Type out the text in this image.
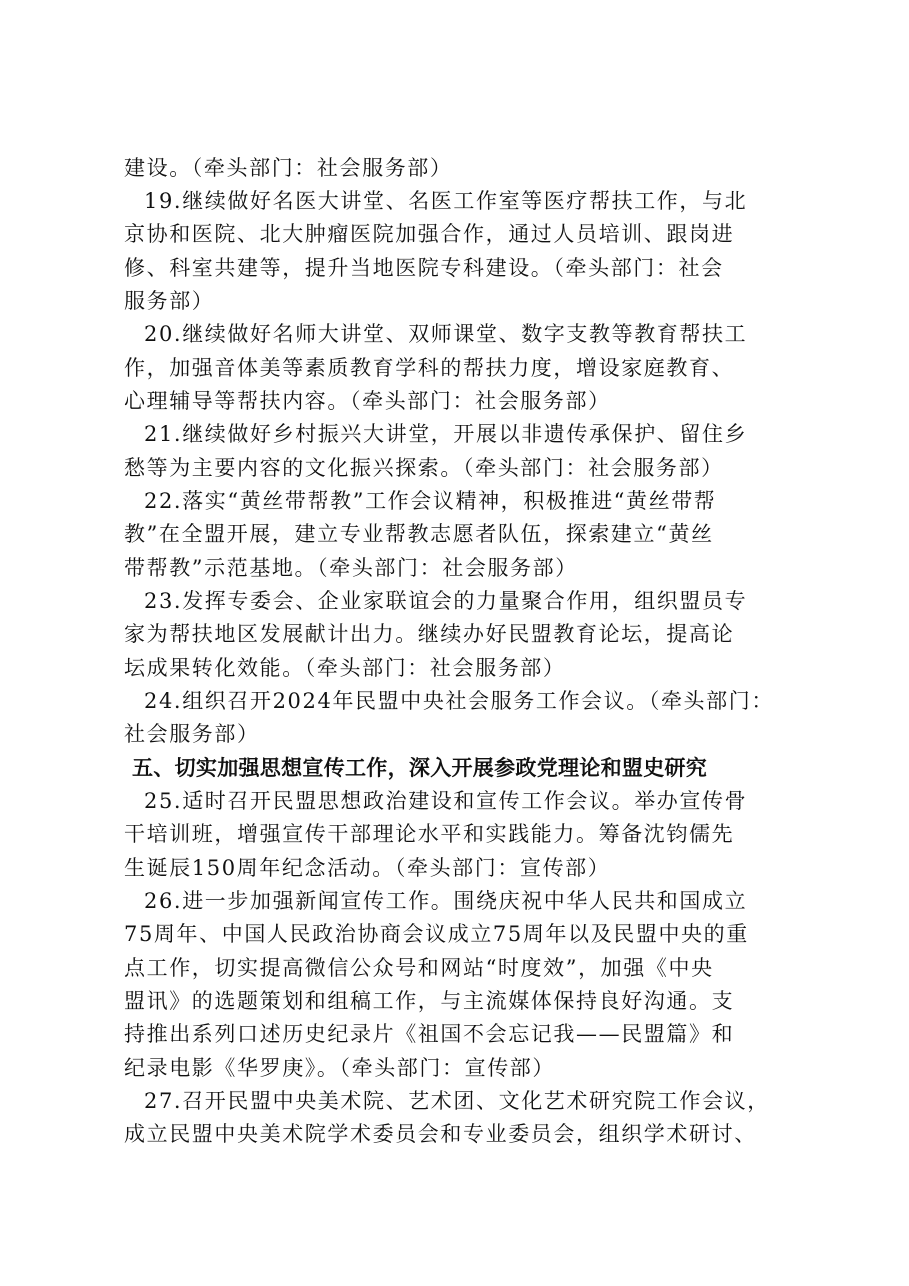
建设。（牵头部门：社会服务部）
19.继续做好名医大讲堂、名医工作室等医疗帮扶工作，与北
京协和医院、北大肿瘤医院加强合作，通过人员培训、跟岗进
修、科室共建等，提升当地医院专科建设。（牵头部门：社会
服务部）
20.继续做好名师大讲堂、双师课堂、数字支教等教育帮扶工
作，加强音体美等素质教育学科的帮扶力度，增设家庭教育、
心理辅导等帮扶内容。（牵头部门：社会服务部）
21.继续做好乡村振兴大讲堂，开展以非遗传承保护、留住乡
愁等为主要内容的文化振兴探索。（牵头部门：社会服务部）
22.落实“黄丝带帮教”工作会议精神，积极推进“黄丝带帮
教”在全盟开展，建立专业帮教志愿者队伍，探索建立“黄丝
带帮教”示范基地。（牵头部门：社会服务部）
23.发挥专委会、企业家联谊会的力量聚合作用，组织盟员专
家为帮扶地区发展献计出力。继续办好民盟教育论坛，提高论
坛成果转化效能。（牵头部门：社会服务部）
24.组织召开2024年民盟中央社会服务工作会议。（牵头部门：
社会服务部）
五、切实加强思想宣传工作，深入开展参政党理论和盟史研究
25.适时召开民盟思想政治建设和宣传工作会议。举办宣传骨
干培训班，增强宣传干部理论水平和实践能力。筹备沈钧儒先
生诞辰150周年纪念活动。（牵头部门：宣传部）
26.进一步加强新闻宣传工作。围绕庆祝中华人民共和国成立
75周年、中国人民政治协商会议成立75周年以及民盟中央的重
点工作，切实提高微信公众号和网站“时度效”，加强《中央
盟讯》的选题策划和组稿工作，与主流媒体保持良好沟通。支
持推出系列口述历史纪录片《祖国不会忘记我——民盟篇》和
纪录电影《华罗庚》。（牵头部门：宣传部）
27.召开民盟中央美术院、艺术团、文化艺术研究院工作会议，
成立民盟中央美术院学术委员会和专业委员会，组织学术研讨、
